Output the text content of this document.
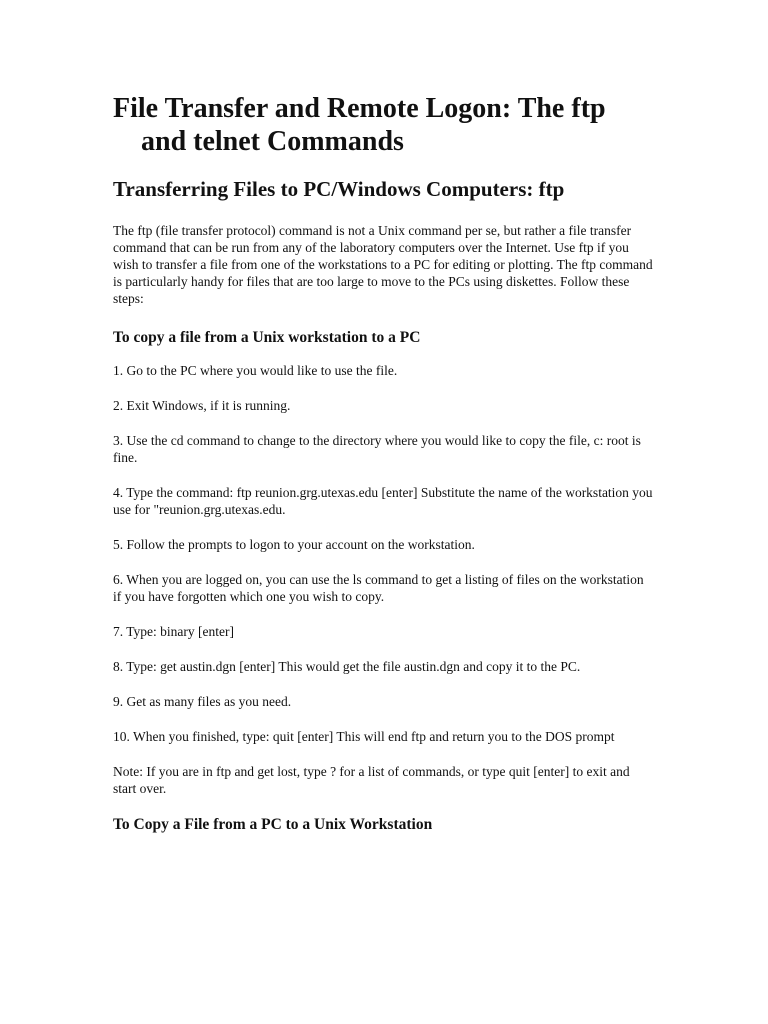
File Transfer and Remote Logon: The ftp and telnet Commands
Transferring Files to PC/Windows Computers: ftp

The ftp (file transfer protocol) command is not a Unix command per se, but rather a file transfer command that can be run from any of the laboratory computers over the Internet. Use ftp if you wish to transfer a file from one of the workstations to a PC for editing or plotting. The ftp command is particularly handy for files that are too large to move to the PCs using diskettes. Follow these steps:

To copy a file from a Unix workstation to a PC

1. Go to the PC where you would like to use the file.

2. Exit Windows, if it is running.

3. Use the cd command to change to the directory where you would like to copy the file, c: root is fine.

4. Type the command: ftp reunion.grg.utexas.edu [enter] Substitute the name of the workstation you use for "reunion.grg.utexas.edu.

5. Follow the prompts to logon to your account on the workstation.

6. When you are logged on, you can use the ls command to get a listing of files on the workstation if you have forgotten which one you wish to copy.

7. Type: binary [enter]

8. Type: get austin.dgn [enter] This would get the file austin.dgn and copy it to the PC.

9. Get as many files as you need.

10. When you finished, type: quit [enter] This will end ftp and return you to the DOS prompt

Note: If you are in ftp and get lost, type ? for a list of commands, or type quit [enter] to exit and start over.

To Copy a File from a PC to a Unix Workstation
